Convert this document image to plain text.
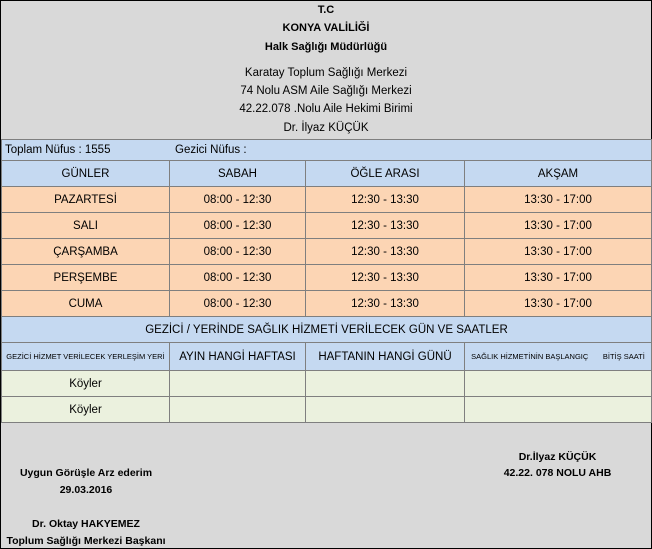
T.C
KONYA VALİLİĞİ
Halk Sağlığı Müdürlüğü
Karatay Toplum Sağlığı Merkezi
74 Nolu ASM Aile Sağlığı Merkezi
42.22.078 .Nolu Aile Hekimi Birimi
Dr. İlyaz KÜÇÜK
Toplam Nüfus : 1555 Gezici Nüfus :			
GÜNLER	SABAH	ÖĞLE ARASI	AKŞAM
PAZARTESİ	08:00 - 12:30	12:30 - 13:30	13:30 - 17:00
SALI	08:00 - 12:30	12:30 - 13:30	13:30 - 17:00
ÇARŞAMBA	08:00 - 12:30	12:30 - 13:30	13:30 - 17:00
PERŞEMBE	08:00 - 12:30	12:30 - 13:30	13:30 - 17:00
CUMA	08:00 - 12:30	12:30 - 13:30	13:30 - 17:00
GEZİCİ / YERİNDE SAĞLIK HİZMETİ VERİLECEK GÜN VE SAATLER			
GEZİCİ HİZMET VERİLECEK YERLEŞİM YERİ	AYIN HANGİ HAFTASI	HAFTANIN HANGİ GÜNÜ	SAĞLIK HİZMETİNİN BAŞLANGIÇ BİTİŞ SAATİ
Köyler			
Köyler			
Uygun Görüşle Arz ederim
29.03.2016
Dr. Oktay HAKYEMEZ
Toplum Sağlığı Merkezi Başkanı
Dr.İlyaz KÜÇÜK
42.22. 078 NOLU AHB
